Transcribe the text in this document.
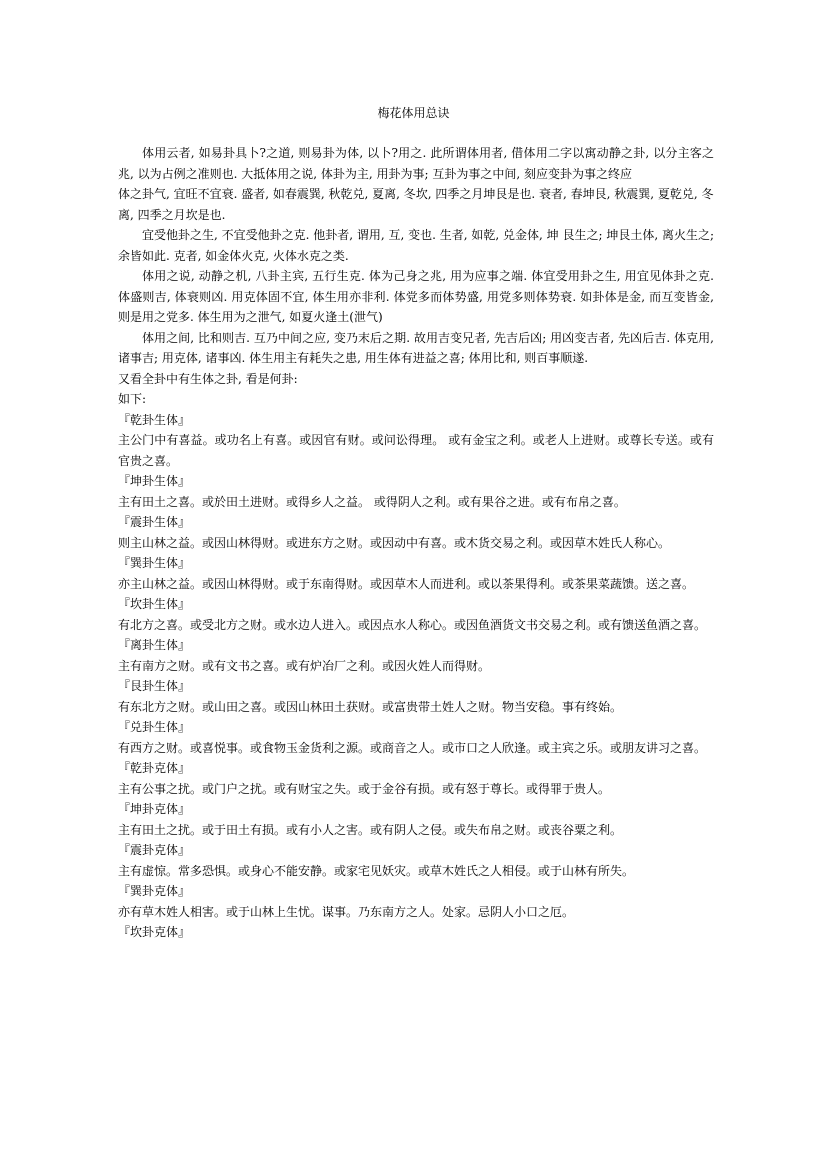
梅花体用总诀

体用云者, 如易卦具卜?之道, 则易卦为体, 以卜?用之. 此所谓体用者, 借体用二字以寓动静之卦, 以分主客之兆, 以为占例之准则也. 大抵体用之说, 体卦为主, 用卦为事; 互卦为事之中间, 刻应变卦为事之终应

体之卦气, 宜旺不宜衰. 盛者, 如春震巽, 秋乾兑, 夏离, 冬坎, 四季之月坤艮是也. 衰者, 春坤艮, 秋震巽, 夏乾兑, 冬离, 四季之月坎是也.

宜受他卦之生, 不宜受他卦之克. 他卦者, 谓用, 互, 变也. 生者, 如乾, 兑金体, 坤 艮生之; 坤艮土体, 离火生之; 余皆如此. 克者, 如金体火克, 火体水克之类.

体用之说, 动静之机, 八卦主宾, 五行生克. 体为己身之兆, 用为应事之端. 体宜受用卦之生, 用宜见体卦之克. 体盛则吉, 体衰则凶. 用克体固不宜, 体生用亦非利. 体党多而体势盛, 用党多则体势衰. 如卦体是金, 而互变皆金, 则是用之党多. 体生用为之泄气, 如夏火逢土(泄气)

体用之间, 比和则吉. 互乃中间之应, 变乃末后之期. 故用吉变兄者, 先吉后凶; 用凶变吉者, 先凶后吉. 体克用, 诸事吉; 用克体, 诸事凶. 体生用主有耗失之患, 用生体有进益之喜; 体用比和, 则百事顺遂.

又看全卦中有生体之卦, 看是何卦:

如下:

『乾卦生体』

主公门中有喜益。或功名上有喜。或因官有财。或问讼得理。 或有金宝之利。或老人上进财。或尊长专送。或有官贵之喜。

『坤卦生体』

主有田土之喜。或於田土进财。或得乡人之益。 或得阴人之利。或有果谷之进。或有布帛之喜。

『震卦生体』

则主山林之益。或因山林得财。或进东方之财。或因动中有喜。或木货交易之利。或因草木姓氏人称心。

『巽卦生体』

亦主山林之益。或因山林得财。或于东南得财。或因草木人而进利。或以茶果得利。或茶果菜蔬馈。送之喜。

『坎卦生体』

有北方之喜。或受北方之财。或水边人进入。或因点水人称心。或因鱼酒货文书交易之利。或有馈送鱼酒之喜。

『离卦生体』

主有南方之财。或有文书之喜。或有炉冶厂之利。或因火姓人而得财。

『艮卦生体』

有东北方之财。或山田之喜。或因山林田土获财。或富贵带土姓人之财。物当安稳。事有终始。

『兑卦生体』

有西方之财。或喜悦事。或食物玉金货利之源。或商音之人。或市口之人欣逢。或主宾之乐。或朋友讲习之喜。

『乾卦克体』

主有公事之扰。或门户之扰。或有财宝之失。或于金谷有损。或有怒于尊长。或得罪于贵人。

『坤卦克体』

主有田土之扰。或于田土有损。或有小人之害。或有阴人之侵。或失布帛之财。或丧谷粟之利。

『震卦克体』

主有虚惊。常多恐惧。或身心不能安静。或家宅见妖灾。或草木姓氏之人相侵。或于山林有所失。

『巽卦克体』

亦有草木姓人相害。或于山林上生忧。谋事。乃东南方之人。处家。忌阴人小口之厄。

『坎卦克体』
